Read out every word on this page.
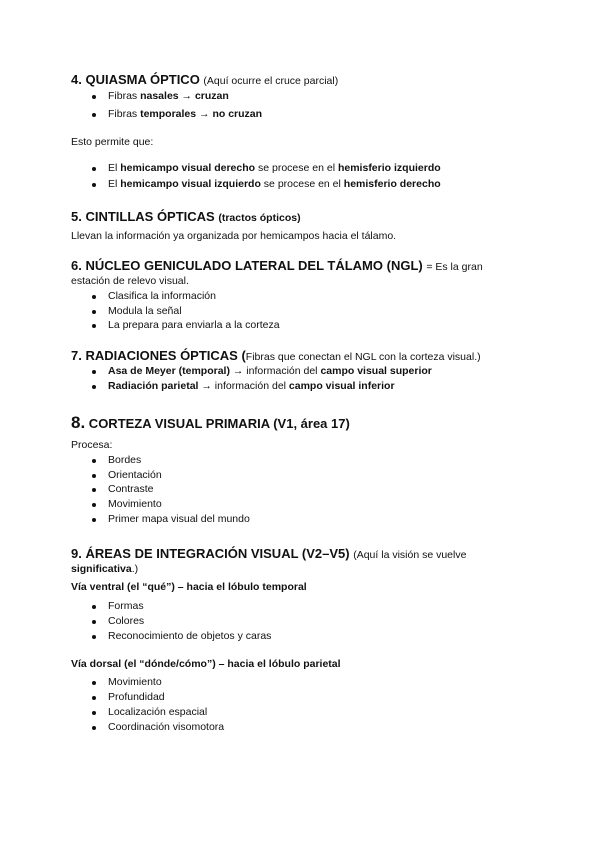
4. QUIASMA ÓPTICO (Aquí ocurre el cruce parcial)
Fibras nasales → cruzan
Fibras temporales → no cruzan
Esto permite que:
El hemicampo visual derecho se procese en el hemisferio izquierdo
El hemicampo visual izquierdo se procese en el hemisferio derecho
5. CINTILLAS ÓPTICAS (tractos ópticos)
Llevan la información ya organizada por hemicampos hacia el tálamo.
6. NÚCLEO GENICULADO LATERAL DEL TÁLAMO (NGL) = Es la gran
estación de relevo visual.
Clasifica la información
Modula la señal
La prepara para enviarla a la corteza
7. RADIACIONES ÓPTICAS (Fibras que conectan el NGL con la corteza visual.)
Asa de Meyer (temporal) → información del campo visual superior
Radiación parietal → información del campo visual inferior
8. CORTEZA VISUAL PRIMARIA (V1, área 17)
Procesa:
Bordes
Orientación
Contraste
Movimiento
Primer mapa visual del mundo
9. ÁREAS DE INTEGRACIÓN VISUAL (V2–V5) (Aquí la visión se vuelve
significativa.)
Vía ventral (el “qué”) – hacia el lóbulo temporal
Formas
Colores
Reconocimiento de objetos y caras
Vía dorsal (el “dónde/cómo”) – hacia el lóbulo parietal
Movimiento
Profundidad
Localización espacial
Coordinación visomotora
